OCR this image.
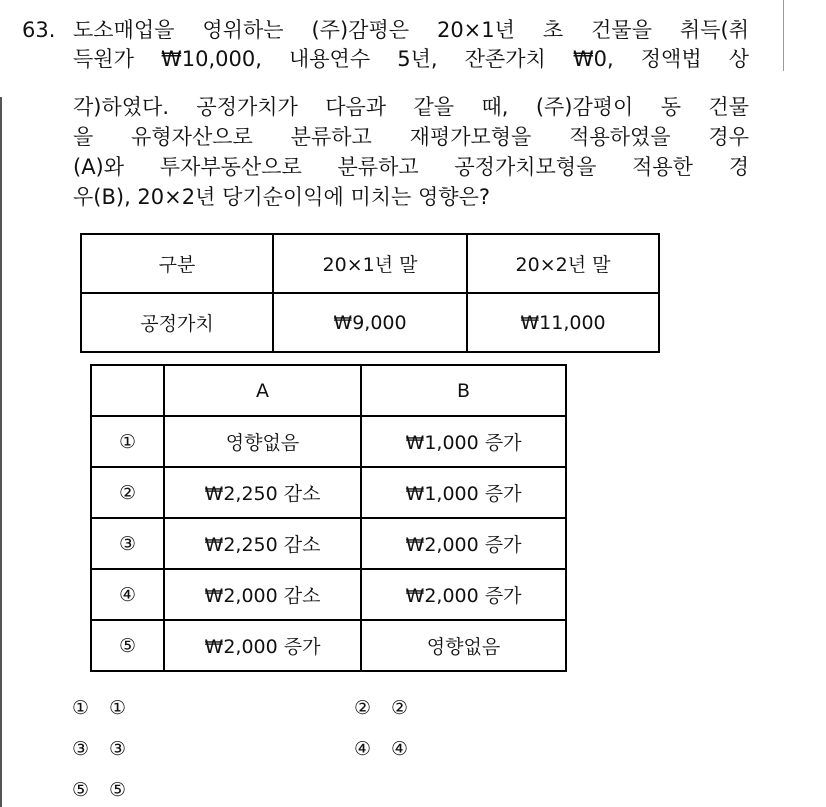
63. 도소매업을 영위하는 (주)감평은 20×1년 초 건물을 취득(취
득원가 ₩10,000, 내용연수 5년, 잔존가치 ₩0, 정액법 상
각)하였다. 공정가치가 다음과 같을 때, (주)감평이 동 건물
을 유형자산으로 분류하고 재평가모형을 적용하였을 경우
(A)와 투자부동산으로 분류하고 공정가치모형을 적용한 경
우(B), 20×2년 당기순이익에 미치는 영향은?
구분	20×1년 말	20×2년 말
공정가치	₩9,000	₩11,000
	A	B
①	영향없음	₩1,000 증가
②	₩2,250 감소	₩1,000 증가
③	₩2,250 감소	₩2,000 증가
④	₩2,000 감소	₩2,000 증가
⑤	₩2,000 증가	영향없음
① ①	② ②
③ ③	④ ④
⑤ ⑤
